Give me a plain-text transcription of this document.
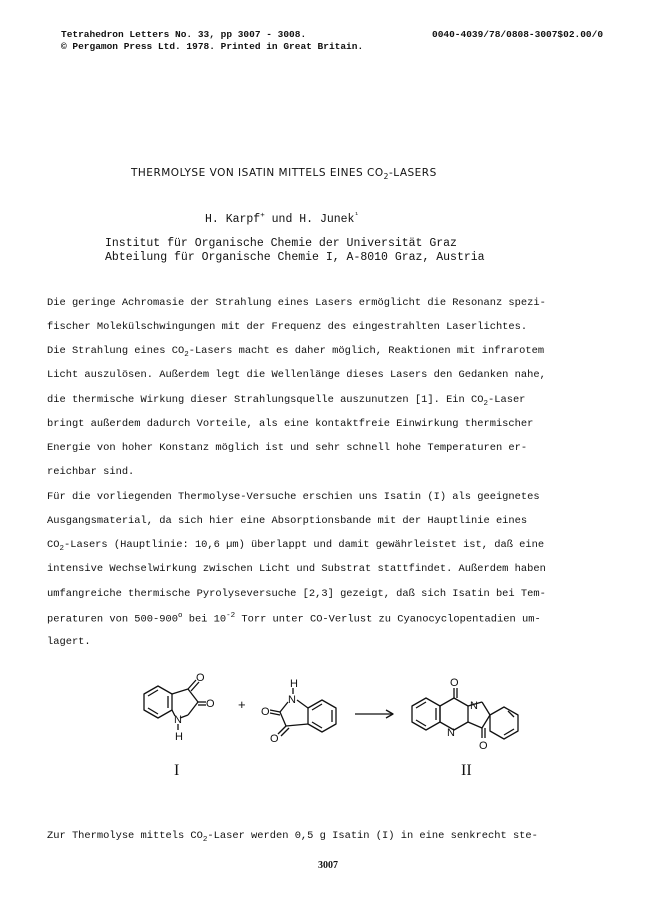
Tetrahedron Letters No. 33, pp 3007 - 3008.
© Pergamon Press Ltd. 1978. Printed in Great Britain.
0040-4039/78/0808-3007$02.00/0
THERMOLYSE VON ISATIN MITTELS EINES $CO_2$-LASERS
H. Karpf+ und H. Junek$^{^1}$
Institut für Organische Chemie der Universität Graz
Abteilung für Organische Chemie I, A-8010 Graz, Austria
Die geringe Achromasie der Strahlung eines Lasers ermöglicht die Resonanz spezi-
fischer Molekülschwingungen mit der Frequenz des eingestrahlten Laserlichtes.
Die Strahlung eines $CO_2$-Lasers macht es daher möglich, Reaktionen mit infrarotem
Licht auszulösen. Außerdem legt die Wellenlänge dieses Lasers den Gedanken nahe,
die thermische Wirkung dieser Strahlungsquelle auszunutzen [1]. Ein $CO_2$-Laser
bringt außerdem dadurch Vorteile, als eine kontaktfreie Einwirkung thermischer
Energie von hoher Konstanz möglich ist und sehr schnell hohe Temperaturen er-
reichbar sind.
Für die vorliegenden Thermolyse-Versuche erschien uns Isatin (I) als geeignetes
Ausgangsmaterial, da sich hier eine Absorptionsbande mit der Hauptlinie eines
$CO_2$-Lasers (Hauptlinie: 10,6 µm) überlappt und damit gewährleistet ist, daß eine
intensive Wechselwirkung zwischen Licht und Substrat stattfindet. Außerdem haben
umfangreiche thermische Pyrolyseversuche [2,3] gezeigt, daß sich Isatin bei Tem-
peraturen von 500-900$^o$ bei $10^{-2}$ Torr unter CO-Verlust zu Cyanocyclopentadien um-
lagert.
O
O
N
H
H
N
O
O
O
N
N
O
+
I	II
Zur Thermolyse mittels $CO_2$-Laser werden 0,5 g Isatin (I) in eine senkrecht ste-
3007
